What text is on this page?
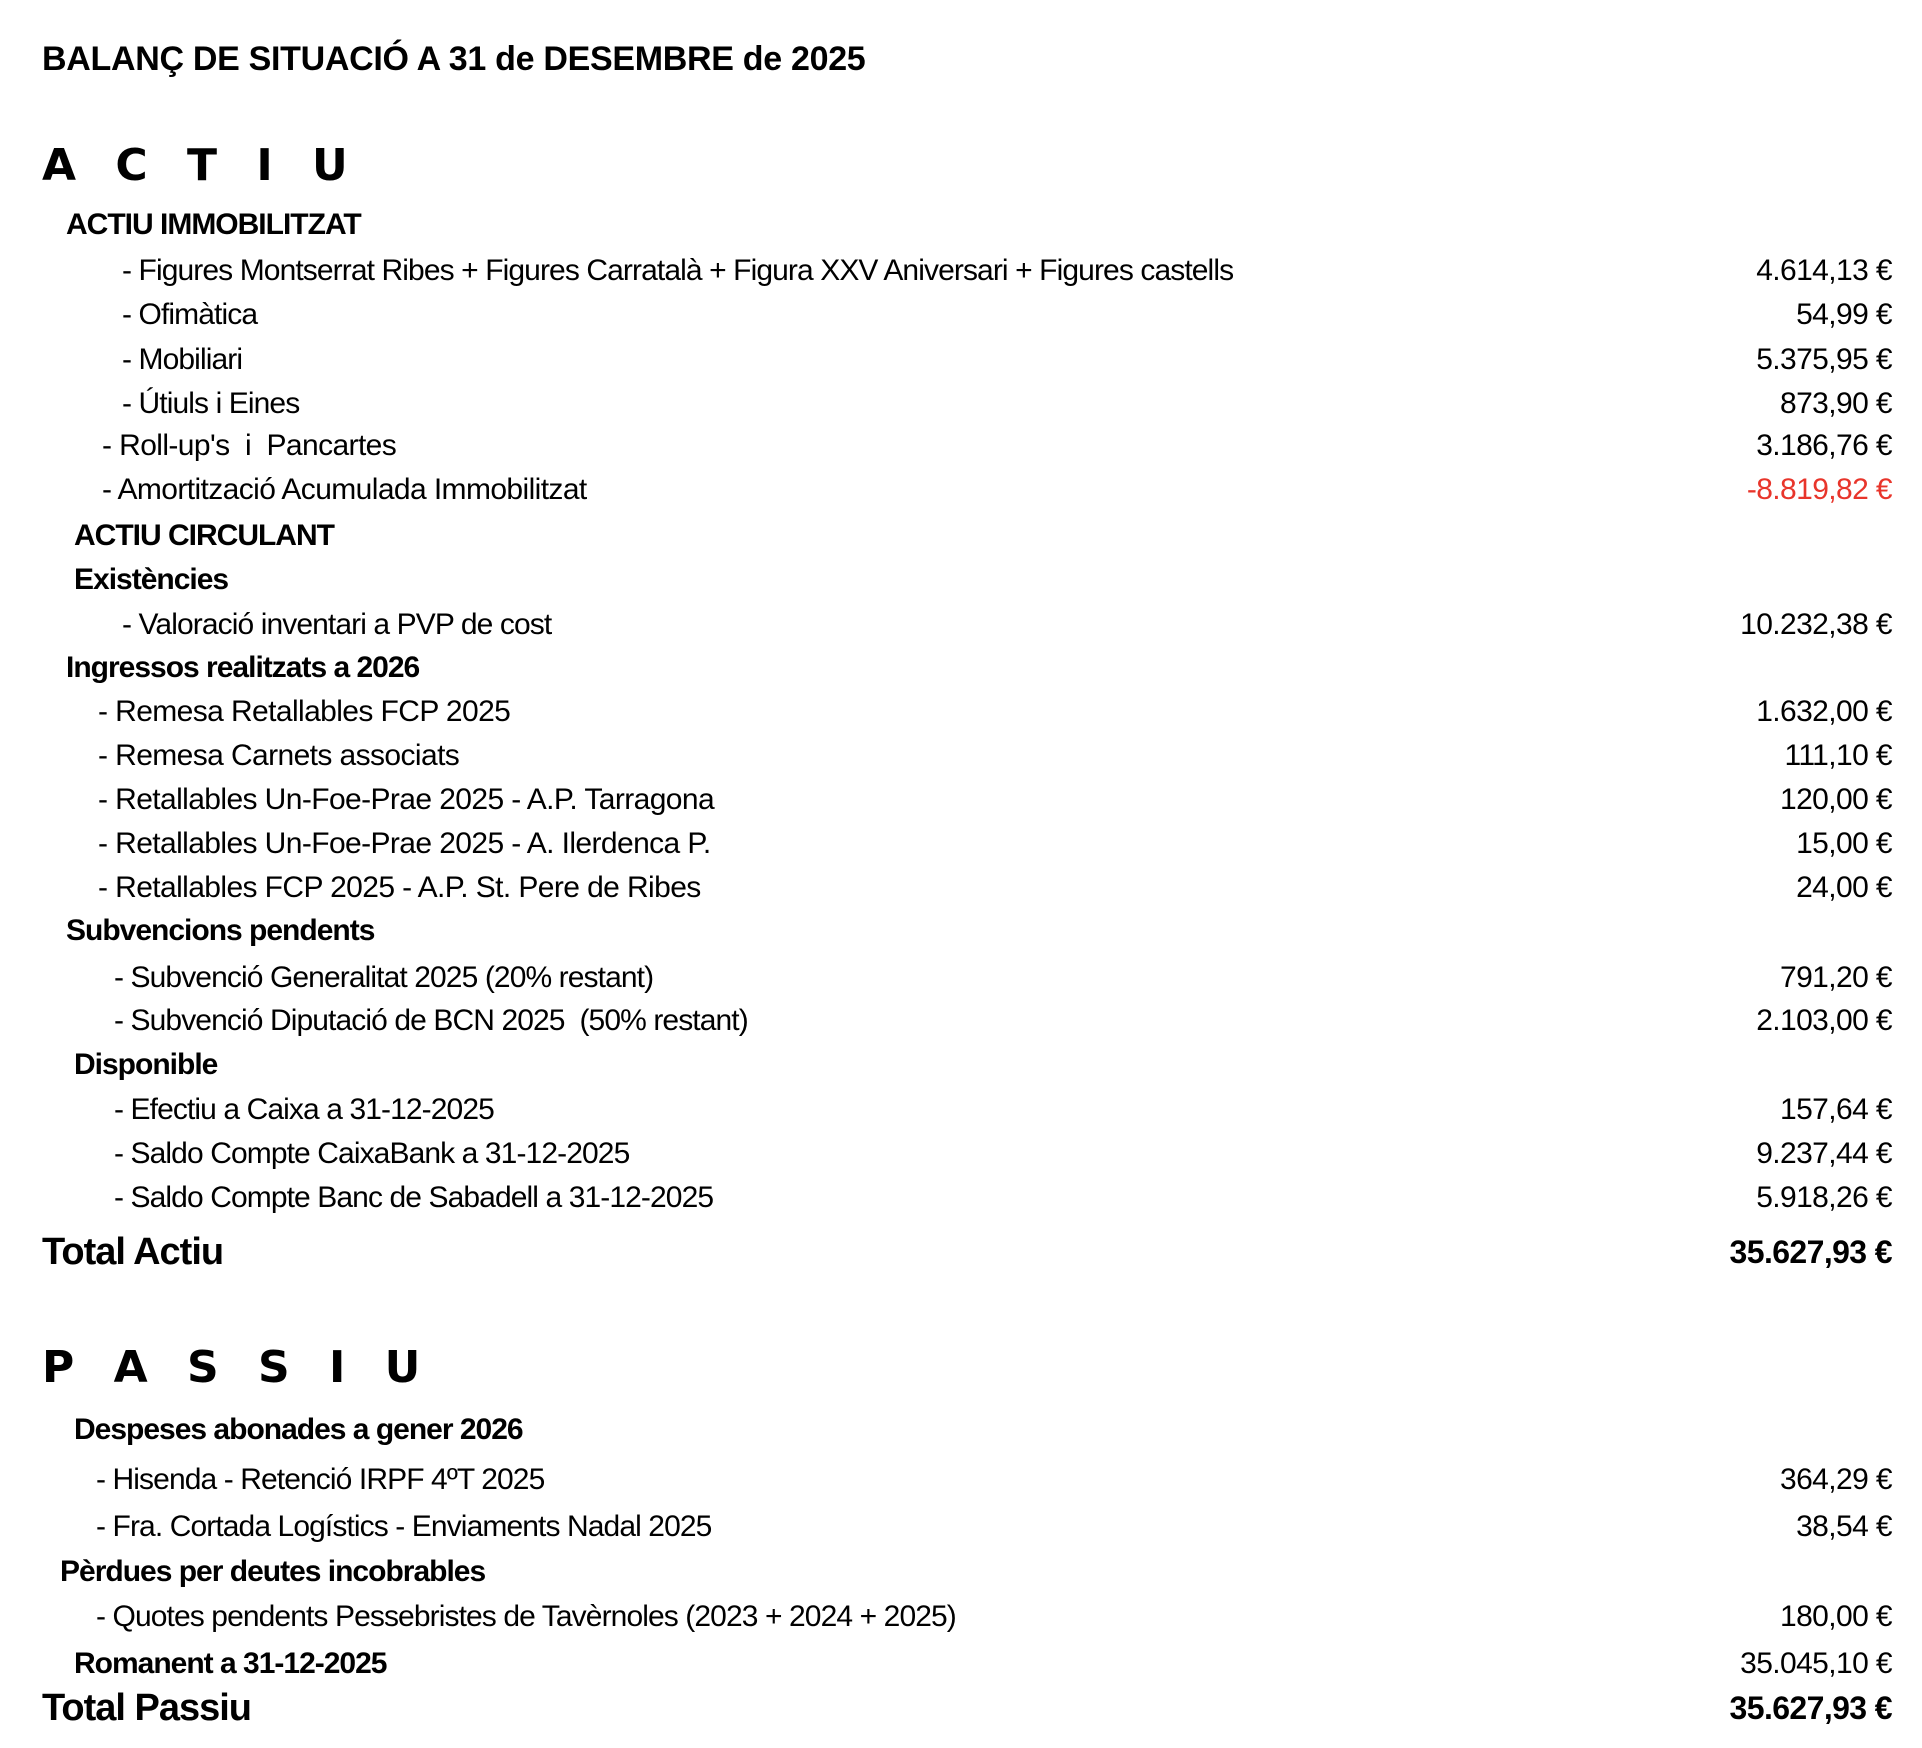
BALANÇ DE SITUACIÓ A 31 de DESEMBRE de 2025
A C T I U
ACTIU IMMOBILITZAT
- Figures Montserrat Ribes + Figures Carratalà + Figura XXV Aniversari + Figures castells	4.614,13 €
- Ofimàtica	54,99 €
- Mobiliari	5.375,95 €
- Útiuls i Eines	873,90 €
- Roll-up's  i  Pancartes	3.186,76 €
- Amortització Acumulada Immobilitzat	-8.819,82 €
ACTIU CIRCULANT
Existències
- Valoració inventari a PVP de cost	10.232,38 €
Ingressos realitzats a 2026
- Remesa Retallables FCP 2025	1.632,00 €
- Remesa Carnets associats	111,10 €
- Retallables Un-Foe-Prae 2025 - A.P. Tarragona	120,00 €
- Retallables Un-Foe-Prae 2025 - A. Ilerdenca P.	15,00 €
- Retallables FCP 2025 - A.P. St. Pere de Ribes	24,00 €
Subvencions pendents
- Subvenció Generalitat 2025 (20% restant)	791,20 €
- Subvenció Diputació de BCN 2025  (50% restant)	2.103,00 €
Disponible
- Efectiu a Caixa a 31-12-2025	157,64 €
- Saldo Compte CaixaBank a 31-12-2025	9.237,44 €
- Saldo Compte Banc de Sabadell a 31-12-2025	5.918,26 €
Total Actiu	35.627,93 €
P A S S I U
Despeses abonades a gener 2026
- Hisenda - Retenció IRPF 4ºT 2025	364,29 €
- Fra. Cortada Logístics - Enviaments Nadal 2025	38,54 €
Pèrdues per deutes incobrables
- Quotes pendents Pessebristes de Tavèrnoles (2023 + 2024 + 2025)	180,00 €
Romanent a 31-12-2025	35.045,10 €
Total Passiu	35.627,93 €
